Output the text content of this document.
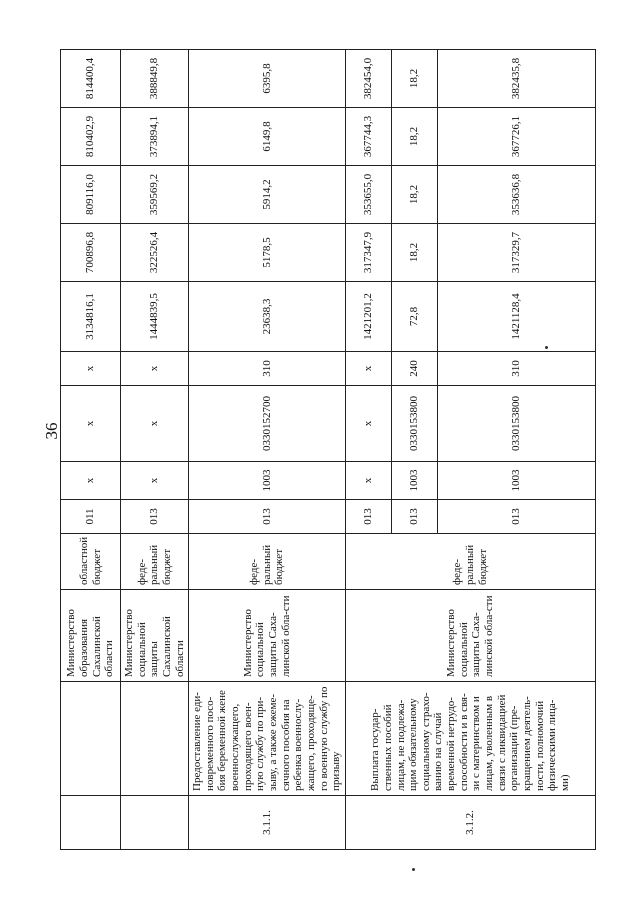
36
		Министерство образования Сахалинской области	областной бюджет	011	х	х	х	3134816,1	700896,8	809116,0	810402,9	814400,4
		Министерство социальной защиты Сахалинской области	феде-ральный бюджет	013	х	х	х	1444839,5	322526,4	359569,2	373894,1	388849,8
3.1.1.	Предоставление еди-новременного посо-бия беременной жене военнослужащего, проходящего воен-ную службу по при-зыву, а также ежеме-сячного пособия на ребенка военнослу-жащего, проходяще-го военную службу по призыву	Министерство социальной защиты Саха-линской обла-сти	феде-ральный бюджет	013	1003	0330152700	310	23638,3	5178,5	5914,2	6149,8	6395,8
3.1.2.	Выплата государ-ственных пособий лицам, не подлежа-щим обязательному социальному страхо-ванию на случай временной нетрудо-способности и в свя-зи с материнством и лицам, уволенным в связи с ликвидацией организаций (пре-кращением деятель-ности, полномочий физическими лица-ми)	Министерство социальной защиты Саха-линской обла-сти	феде-ральный бюджет	013	х	х	х	1421201,2	317347,9	353655,0	367744,3	382454,0
				013	1003	0330153800	240	72,8	18,2	18,2	18,2	18,2
				013	1003	0330153800	310	1421128,4	317329,7	353636,8	367726,1	382435,8
